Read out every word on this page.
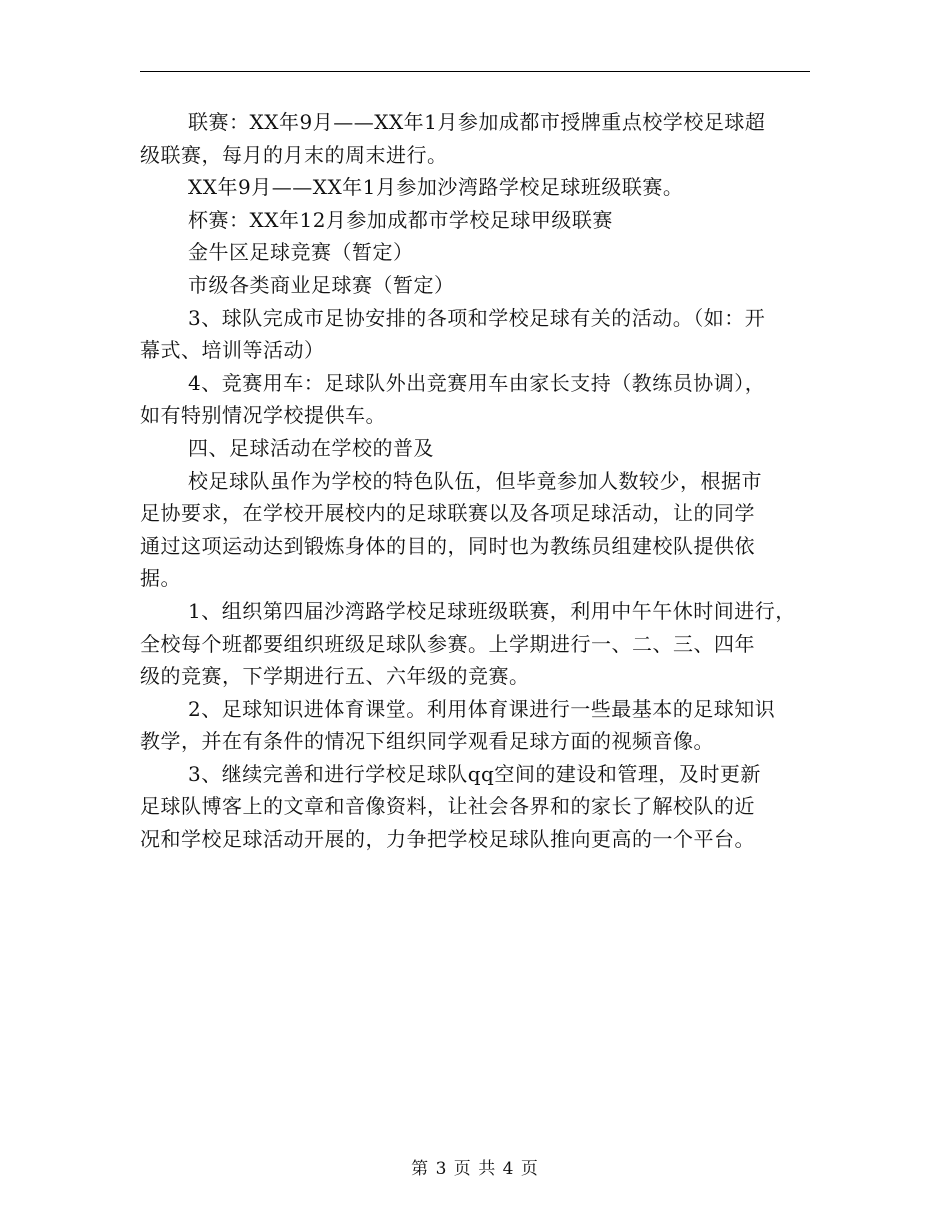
联赛：XX年9月——XX年1月参加成都市授牌重点校学校足球超
级联赛，每月的月末的周末进行。
XX年9月——XX年1月参加沙湾路学校足球班级联赛。
杯赛：XX年12月参加成都市学校足球甲级联赛
金牛区足球竞赛（暂定）
市级各类商业足球赛（暂定）
3、球队完成市足协安排的各项和学校足球有关的活动。（如：开
幕式、培训等活动）
4、竞赛用车：足球队外出竞赛用车由家长支持（教练员协调），
如有特别情况学校提供车。
四、足球活动在学校的普及
校足球队虽作为学校的特色队伍，但毕竟参加人数较少，根据市
足协要求，在学校开展校内的足球联赛以及各项足球活动，让的同学
通过这项运动达到锻炼身体的目的，同时也为教练员组建校队提供依
据。
1、组织第四届沙湾路学校足球班级联赛，利用中午午休时间进行，
全校每个班都要组织班级足球队参赛。上学期进行一、二、三、四年
级的竞赛，下学期进行五、六年级的竞赛。
2、足球知识进体育课堂。利用体育课进行一些最基本的足球知识
教学，并在有条件的情况下组织同学观看足球方面的视频音像。
3、继续完善和进行学校足球队qq空间的建设和管理，及时更新
足球队博客上的文章和音像资料，让社会各界和的家长了解校队的近
况和学校足球活动开展的，力争把学校足球队推向更高的一个平台。
第 3 页 共 4 页
